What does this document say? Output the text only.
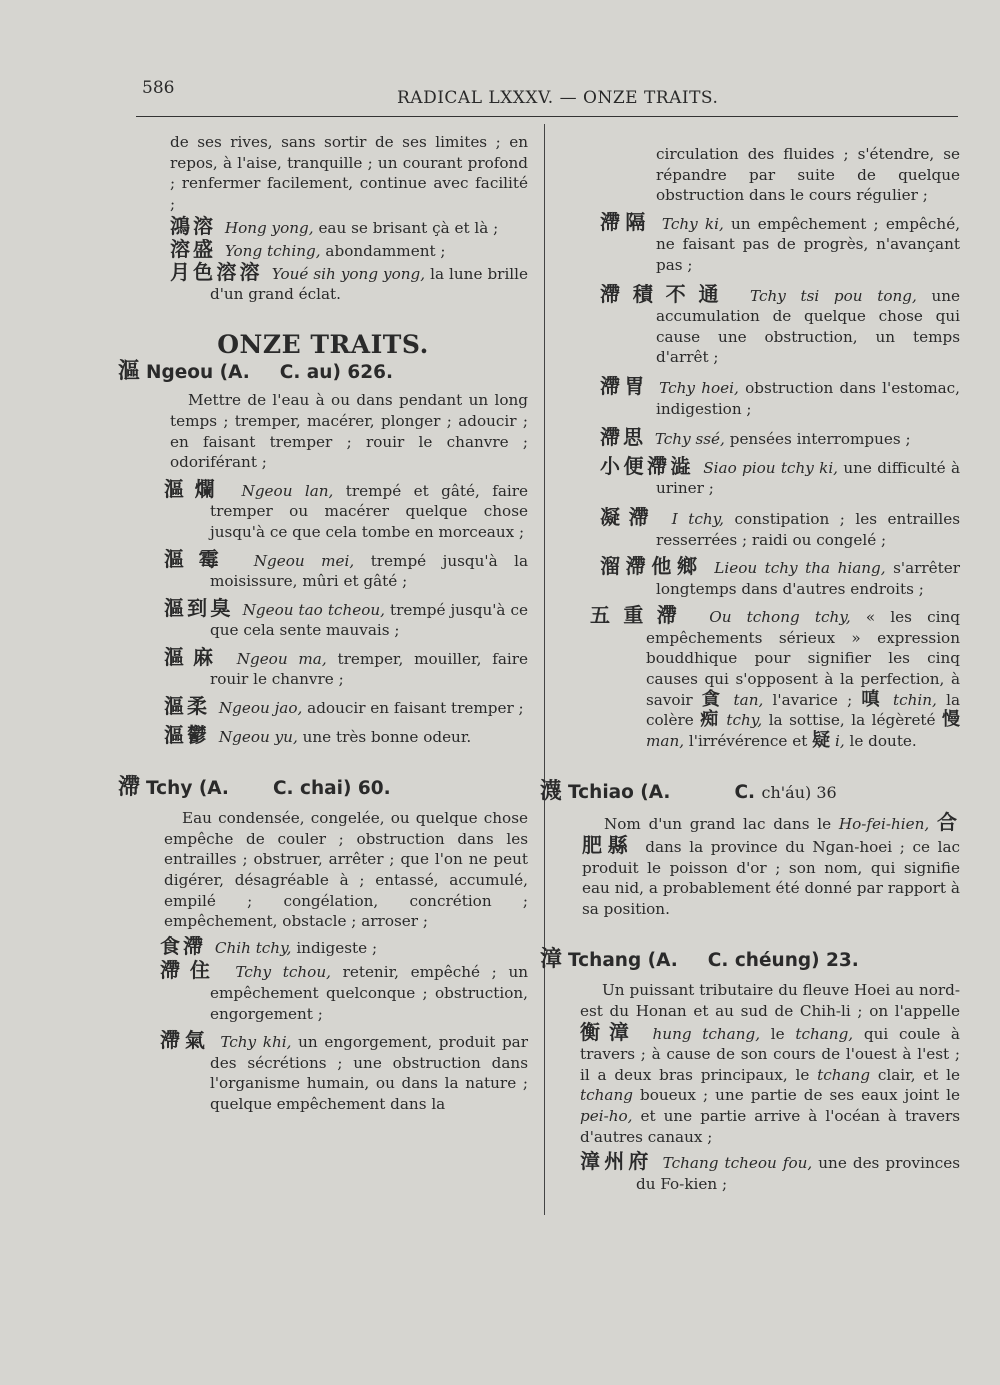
586	RADICAL LXXXV. — ONZE TRAITS.

de ses rives, sans sortir de ses limites ; en repos, à l'aise, tranquille ; un courant profond ; renfermer facilement, continue avec facilité ;

鴻溶 Hong yong, eau se brisant çà et là ;

溶盛 Yong tching, abondamment ;

月色溶溶 Youé sih yong yong, la lune brille d'un grand éclat.

ONZE TRAITS.

漚 Ngeou (A. C. au) 626.

Mettre de l'eau à ou dans pendant un long temps ; tremper, macérer, plonger ; adoucir ; en faisant tremper ; rouir le chanvre ; odoriférant ;

漚爛 Ngeou lan, trempé et gâté, faire tremper ou macérer quelque chose jusqu'à ce que cela tombe en morceaux ;

漚霉 Ngeou mei, trempé jusqu'à la moisissure, mûri et gâté ;

漚到臭 Ngeou tao tcheou, trempé jusqu'à ce que cela sente mauvais ;

漚麻 Ngeou ma, tremper, mouiller, faire rouir le chanvre ;

漚柔 Ngeou jao, adoucir en faisant tremper ;

漚鬱 Ngeou yu, une très bonne odeur.

滯 Tchy (A. C. chai) 60.

Eau condensée, congelée, ou quelque chose empêche de couler ; obstruction dans les entrailles ; obstruer, arrêter ; que l'on ne peut digérer, désagréable à ; entassé, accumulé, empilé ; congélation, concrétion ; empêchement, obstacle ; arroser ;

食滯 Chih tchy, indigeste ;

滯住 Tchy tchou, retenir, empêché ; un empêchement quelconque ; obstruction, engorgement ;

滯氣 Tchy khi, un engorgement, produit par des sécrétions ; une obstruction dans l'organisme humain, ou dans la nature ; quelque empêchement dans la

circulation des fluides ; s'étendre, se répandre par suite de quelque obstruction dans le cours régulier ;

滯隔 Tchy ki, un empêchement ; empêché, ne faisant pas de progrès, n'avançant pas ;

滯積不通 Tchy tsi pou tong, une accumulation de quelque chose qui cause une obstruction, un temps d'arrêt ;

滯胃 Tchy hoei, obstruction dans l'estomac, indigestion ;

滯思 Tchy ssé, pensées interrompues ;

小便滯澁 Siao piou tchy ki, une difficulté à uriner ;

凝滯 I tchy, constipation ; les entrailles resserrées ; raidi ou congelé ;

溜滯他鄉 Lieou tchy tha hiang, s'arrêter longtemps dans d'autres endroits ;

五重滯 Ou tchong tchy, « les cinq empêchements sérieux » expression bouddhique pour signifier les cinq causes qui s'opposent à la perfection, à savoir 貪 tan, l'avarice ; 嗔 tchin, la colère 痴 tchy, la sottise, la légèreté 慢 man, l'irrévérence et 疑 i, le doute.

瀎 Tchiao (A.	C. ch'áu) 36

Nom d'un grand lac dans le Ho-fei-hien, 合肥縣 dans la province du Ngan-hoei ; ce lac produit le poisson d'or ; son nom, qui signifie eau nid, a probablement été donné par rapport à sa position.

漳 Tchang (A. C. chéung) 23.

Un puissant tributaire du fleuve Hoei au nord-est du Honan et au sud de Chih-li ; on l'appelle 衡漳 hung tchang, le tchang, qui coule à travers ; à cause de son cours de l'ouest à l'est ; il a deux bras principaux, le tchang clair, et le tchang boueux ; une partie de ses eaux joint le pei-ho, et une partie arrive à l'océan à travers d'autres canaux ;

漳州府 Tchang tcheou fou, une des provinces du Fo-kien ;
